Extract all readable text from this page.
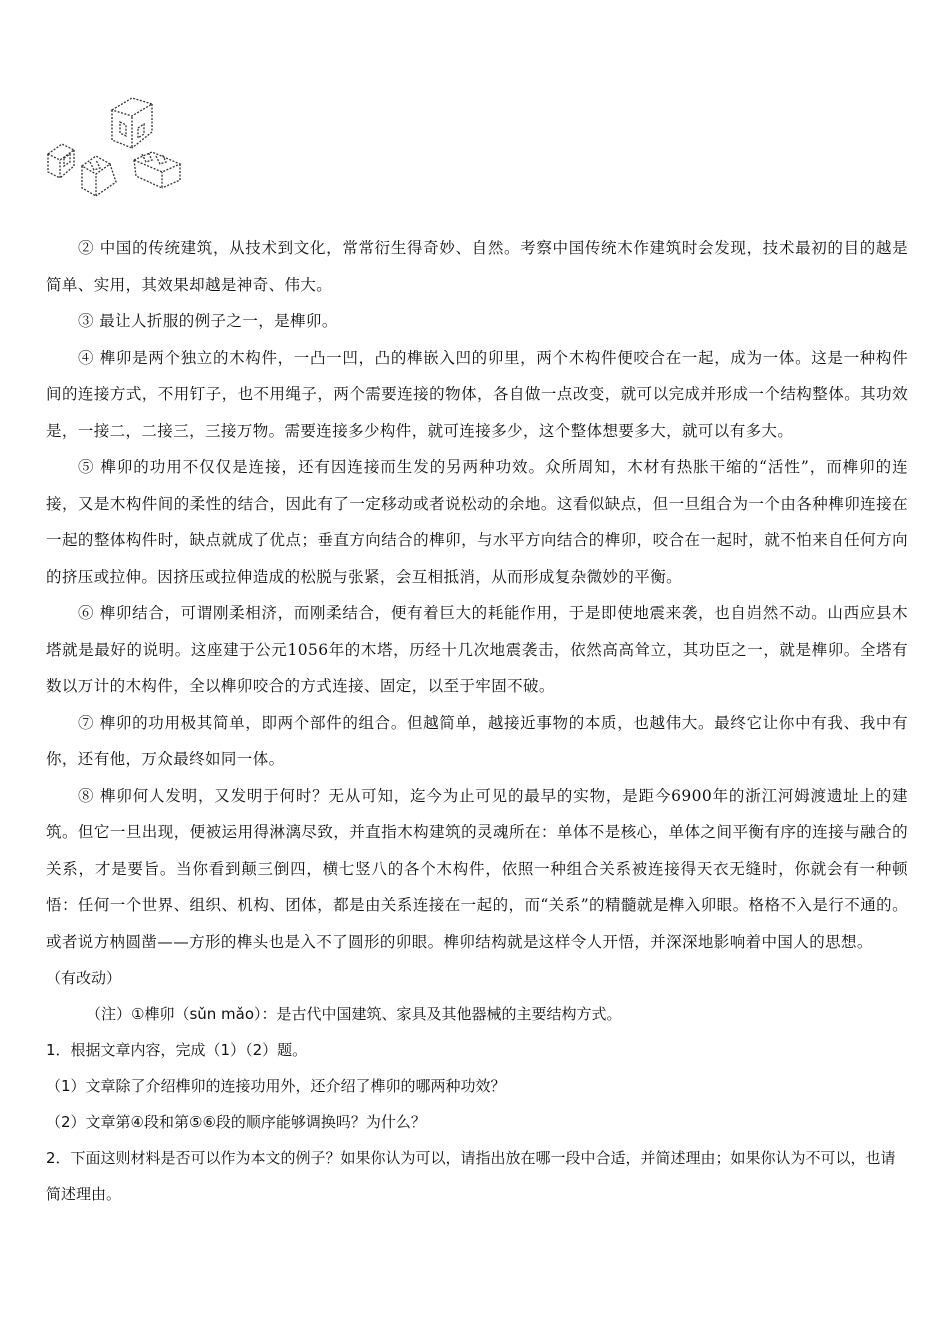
② 中国的传统建筑，从技术到文化，常常衍生得奇妙、自然。考察中国传统木作建筑时会发现，技术最初的目的越是简单、实用，其效果却越是神奇、伟大。

③ 最让人折服的例子之一，是榫卯。

④ 榫卯是两个独立的木构件，一凸一凹，凸的榫嵌入凹的卯里，两个木构件便咬合在一起，成为一体。这是一种构件间的连接方式，不用钉子，也不用绳子，两个需要连接的物体，各自做一点改变，就可以完成并形成一个结构整体。其功效是，一接二，二接三，三接万物。需要连接多少构件，就可连接多少，这个整体想要多大，就可以有多大。

⑤ 榫卯的功用不仅仅是连接，还有因连接而生发的另两种功效。众所周知，木材有热胀干缩的“活性”，而榫卯的连接，又是木构件间的柔性的结合，因此有了一定移动或者说松动的余地。这看似缺点，但一旦组合为一个由各种榫卯连接在一起的整体构件时，缺点就成了优点；垂直方向结合的榫卯，与水平方向结合的榫卯，咬合在一起时，就不怕来自任何方向的挤压或拉伸。因挤压或拉伸造成的松脱与张紧，会互相抵消，从而形成复杂微妙的平衡。

⑥ 榫卯结合，可谓刚柔相济，而刚柔结合，便有着巨大的耗能作用，于是即使地震来袭，也自岿然不动。山西应县木塔就是最好的说明。这座建于公元1056年的木塔，历经十几次地震袭击，依然高高耸立，其功臣之一，就是榫卯。全塔有数以万计的木构件，全以榫卯咬合的方式连接、固定，以至于牢固不破。

⑦ 榫卯的功用极其简单，即两个部件的组合。但越简单，越接近事物的本质，也越伟大。最终它让你中有我、我中有你，还有他，万众最终如同一体。

⑧ 榫卯何人发明，又发明于何时？无从可知，迄今为止可见的最早的实物，是距今6900年的浙江河姆渡遗址上的建筑。但它一旦出现，便被运用得淋漓尽致，并直指木构建筑的灵魂所在：单体不是核心，单体之间平衡有序的连接与融合的关系，才是要旨。当你看到颠三倒四，横七竖八的各个木构件，依照一种组合关系被连接得天衣无缝时，你就会有一种顿悟：任何一个世界、组织、机构、团体，都是由关系连接在一起的，而“关系”的精髓就是榫入卯眼。格格不入是行不通的。或者说方枘圆凿——方形的榫头也是入不了圆形的卯眼。榫卯结构就是这样令人开悟，并深深地影响着中国人的思想。

（有改动）

（注）①榫卯（sǔn mǎo）：是古代中国建筑、家具及其他器械的主要结构方式。

1．根据文章内容，完成（1）（2）题。

（1）文章除了介绍榫卯的连接功用外，还介绍了榫卯的哪两种功效？

（2）文章第④段和第⑤⑥段的顺序能够调换吗？为什么？

2．下面这则材料是否可以作为本文的例子？如果你认为可以，请指出放在哪一段中合适，并简述理由；如果你认为不可以，也请简述理由。
